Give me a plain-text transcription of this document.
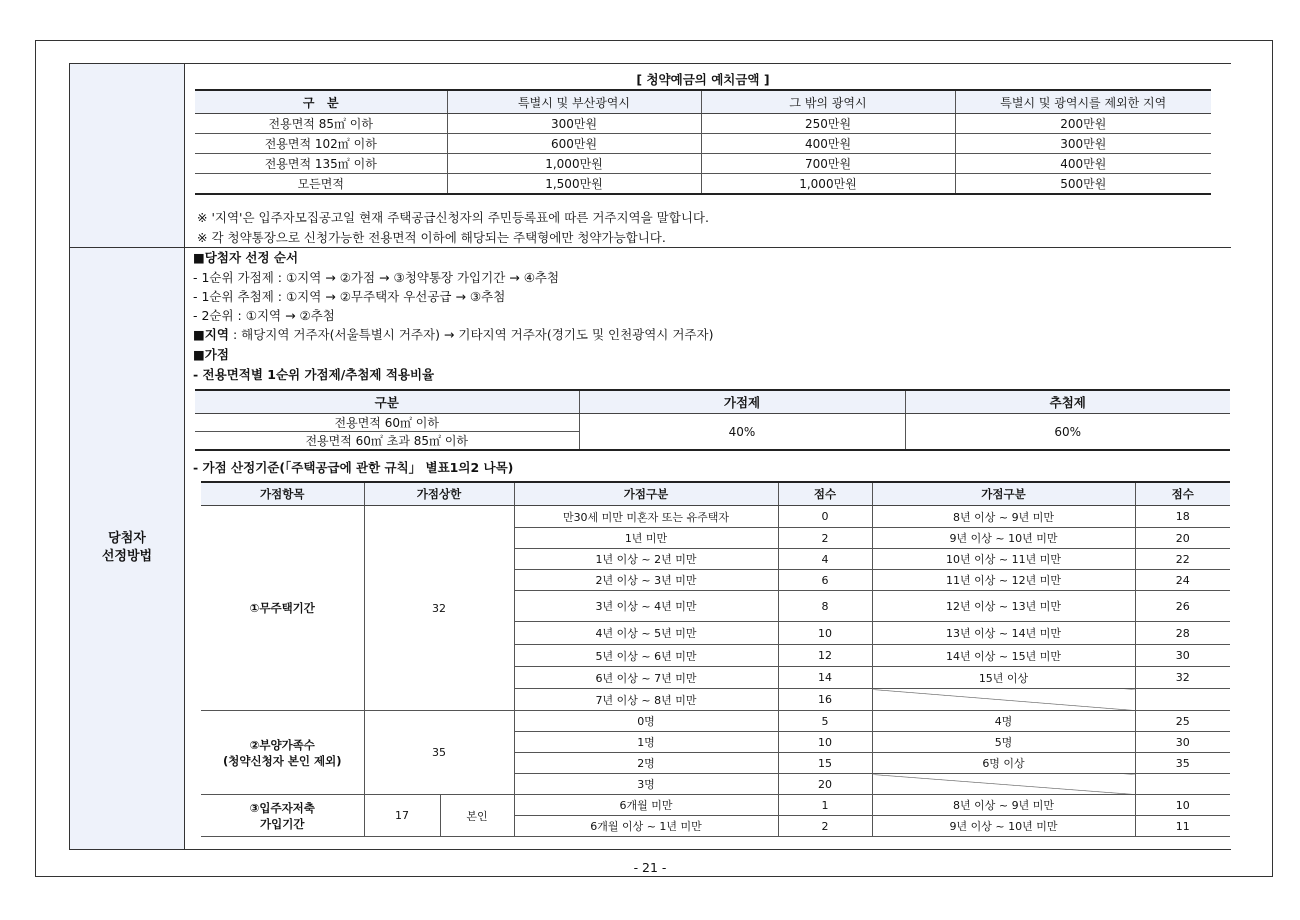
당첨자
선정방법
[ 청약예금의 예치금액 ]
구   분	특별시 및 부산광역시	그 밖의 광역시	특별시 및 광역시를 제외한 지역
전용면적 85㎡ 이하	300만원	250만원	200만원
전용면적 102㎡ 이하	600만원	400만원	300만원
전용면적 135㎡ 이하	1,000만원	700만원	400만원
모든면적	1,500만원	1,000만원	500만원
※ '지역'은 입주자모집공고일 현재 주택공급신청자의 주민등록표에 따른 거주지역을 말합니다.
※ 각 청약통장으로 신청가능한 전용면적 이하에 해당되는 주택형에만 청약가능합니다.
■당첨자 선정 순서
- 1순위 가점제 : ①지역 → ②가점 → ③청약통장 가입기간 → ④추첨
- 1순위 추첨제 : ①지역 → ②무주택자 우선공급 → ③추첨
- 2순위 : ①지역 → ②추첨
■지역 : 해당지역 거주자(서울특별시 거주자) → 기타지역 거주자(경기도 및 인천광역시 거주자)
■가점
- 전용면적별 1순위 가점제/추첨제 적용비율
구분	가점제	추첨제
전용면적 60㎡ 이하	40%	60%
전용면적 60㎡ 초과 85㎡ 이하		
- 가점 산정기준(「주택공급에 관한 규칙」 별표1의2 나목)
가점항목	가점상한		가점구분	점수	가점구분	점수
①무주택기간	32		만30세 미만 미혼자 또는 유주택자	0	8년 이상 ~ 9년 미만	18
			1년 미만	2	9년 이상 ~ 10년 미만	20
			1년 이상 ~ 2년 미만	4	10년 이상 ~ 11년 미만	22
			2년 이상 ~ 3년 미만	6	11년 이상 ~ 12년 미만	24
			3년 이상 ~ 4년 미만	8	12년 이상 ~ 13년 미만	26
			4년 이상 ~ 5년 미만	10	13년 이상 ~ 14년 미만	28
			5년 이상 ~ 6년 미만	12	14년 이상 ~ 15년 미만	30
			6년 이상 ~ 7년 미만	14	15년 이상	32
			7년 이상 ~ 8년 미만	16		

②부양가족수
(청약신청자 본인 제외)	35		0명	5	4명	25
			1명	10	5명	30
			2명	15	6명 이상	35
			3명	20		

③입주자저축
가입기간	17	본인	6개월 미만	1	8년 이상 ~ 9년 미만	10
			6개월 이상 ~ 1년 미만	2	9년 이상 ~ 10년 미만	11
- 21 -
